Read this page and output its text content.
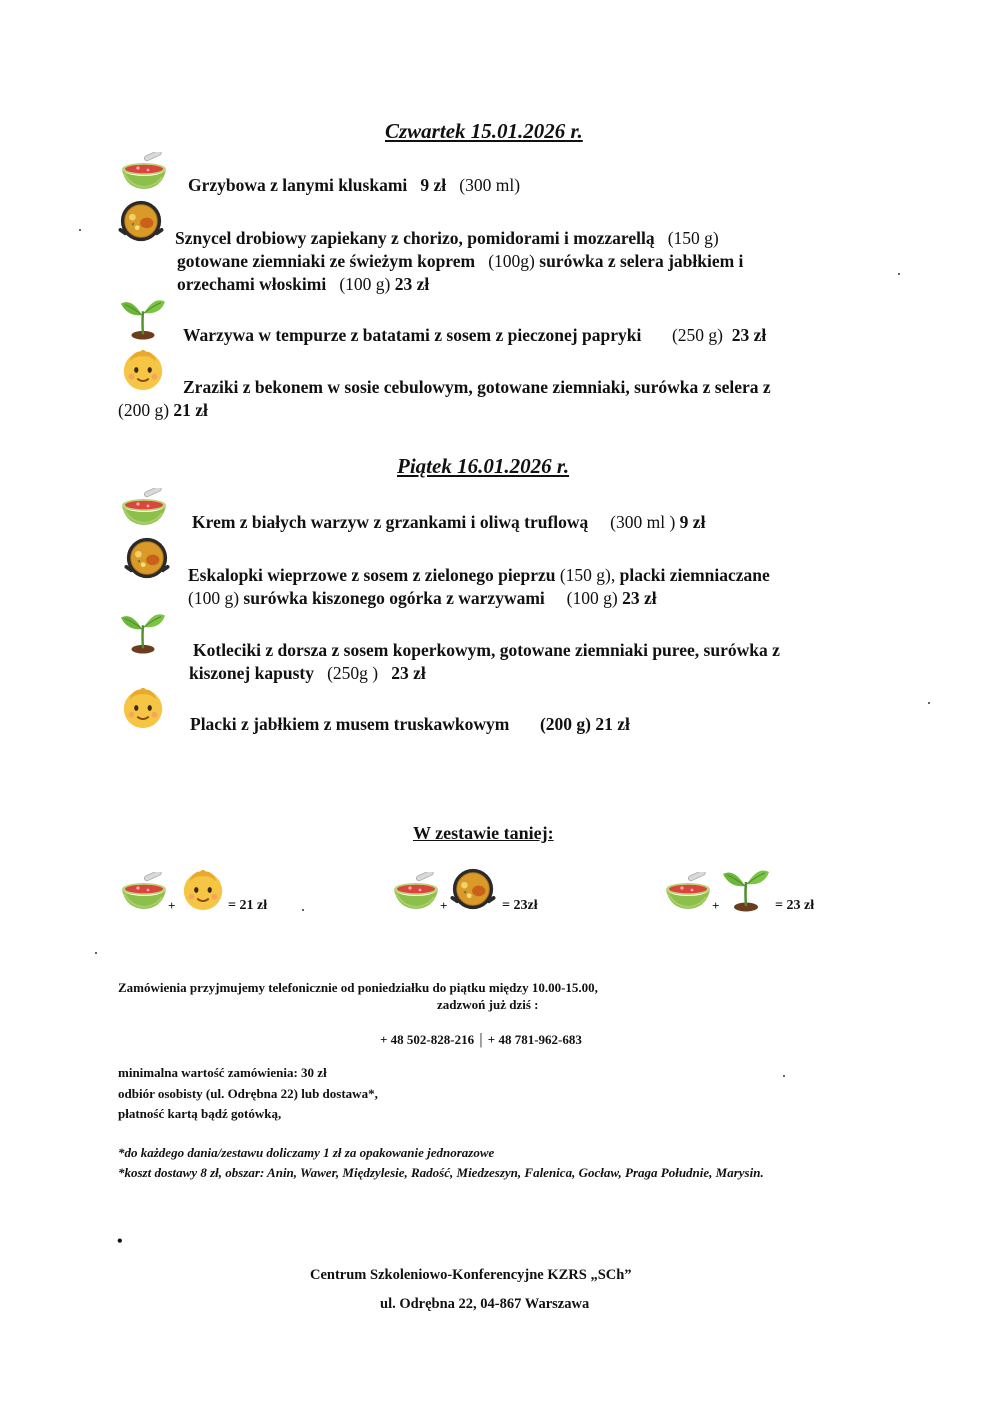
Czwartek 15.01.2026 r.
Grzybowa z lanymi kluskami 9 zł (300 ml)
Sznycel drobiowy zapiekany z chorizo, pomidorami i mozzarellą (150 g)
gotowane ziemniaki ze świeżym koprem (100g) surówka z selera jabłkiem i
orzechami włoskimi (100 g) 23 zł
Warzywa w tempurze z batatami z sosem z pieczonej papryki (250 g) 23 zł
Zraziki z bekonem w sosie cebulowym, gotowane ziemniaki, surówka z selera z
(200 g) 21 zł
Piątek 16.01.2026 r.
Krem z białych warzyw z grzankami i oliwą truflową (300 ml ) 9 zł
Eskalopki wieprzowe z sosem z zielonego pieprzu (150 g), placki ziemniaczane
(100 g) surówka kiszonego ogórka z warzywami (100 g) 23 zł
Kotleciki z dorsza z sosem koperkowym, gotowane ziemniaki puree, surówka z
kiszonej kapusty (250g ) 23 zł
Placki z jabłkiem z musem truskawkowym (200 g) 21 zł
W zestawie taniej:
+	= 21 zł	+	= 23zł	+	= 23 zł
Zamówienia przyjmujemy telefonicznie od poniedziałku do piątku między 10.00-15.00,
zadzwoń już dziś :
+ 48 502-828-216 | + 48 781-962-683
minimalna wartość zamówienia: 30 zł
odbiór osobisty (ul. Odrębna 22) lub dostawa*,
płatność kartą bądź gotówką,
*do każdego dania/zestawu doliczamy 1 zł za opakowanie jednorazowe
*koszt dostawy 8 zł, obszar: Anin, Wawer, Międzylesie, Radość, Miedzeszyn, Falenica, Gocław, Praga Południe, Marysin.
•
Centrum Szkoleniowo-Konferencyjne KZRS „SCh”
ul. Odrębna 22, 04-867 Warszawa
